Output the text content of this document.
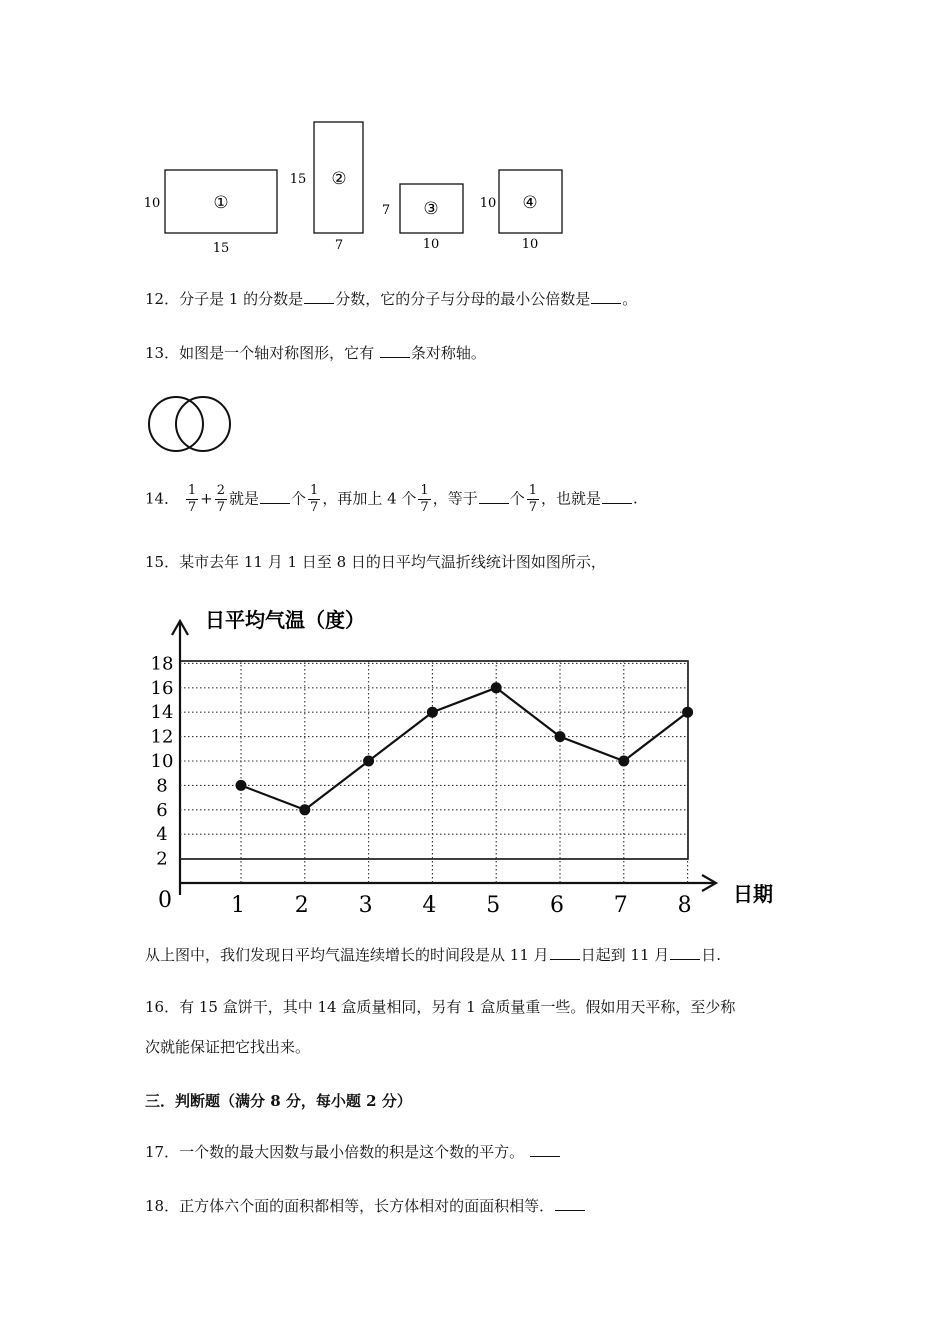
①
10
15
②
15
7
③
7
10
④
10
10
12．分子是 1 的分数是 分数，它的分子与分母的最小公倍数是 。
13．如图是一个轴对称图形，它有 条对称轴。
14． $\frac{1}{7} + \frac{2}{7}$ 就是 个 $\frac{1}{7}$ ，再加上 4 个 $\frac{1}{7}$ ，等于 个 $\frac{1}{7}$ ，也就是 .
15．某市去年 11 月 1 日至 8 日的日平均气温折线统计图如图所示，
日平均气温（度）
日期
0
2
4
6
8
10
12
14
16
18
1 2 3 4 5 6 7 8
从上图中，我们发现日平均气温连续增长的时间段是从 11 月 日起到 11 月 日.
16．有 15 盒饼干，其中 14 盒质量相同，另有 1 盒质量重一些。假如用天平称，至少称
次就能保证把它找出来。
三．判断题（满分 8 分，每小题 2 分）
17．一个数的最大因数与最小倍数的积是这个数的平方。
18．正方体六个面的面积都相等，长方体相对的面面积相等．
